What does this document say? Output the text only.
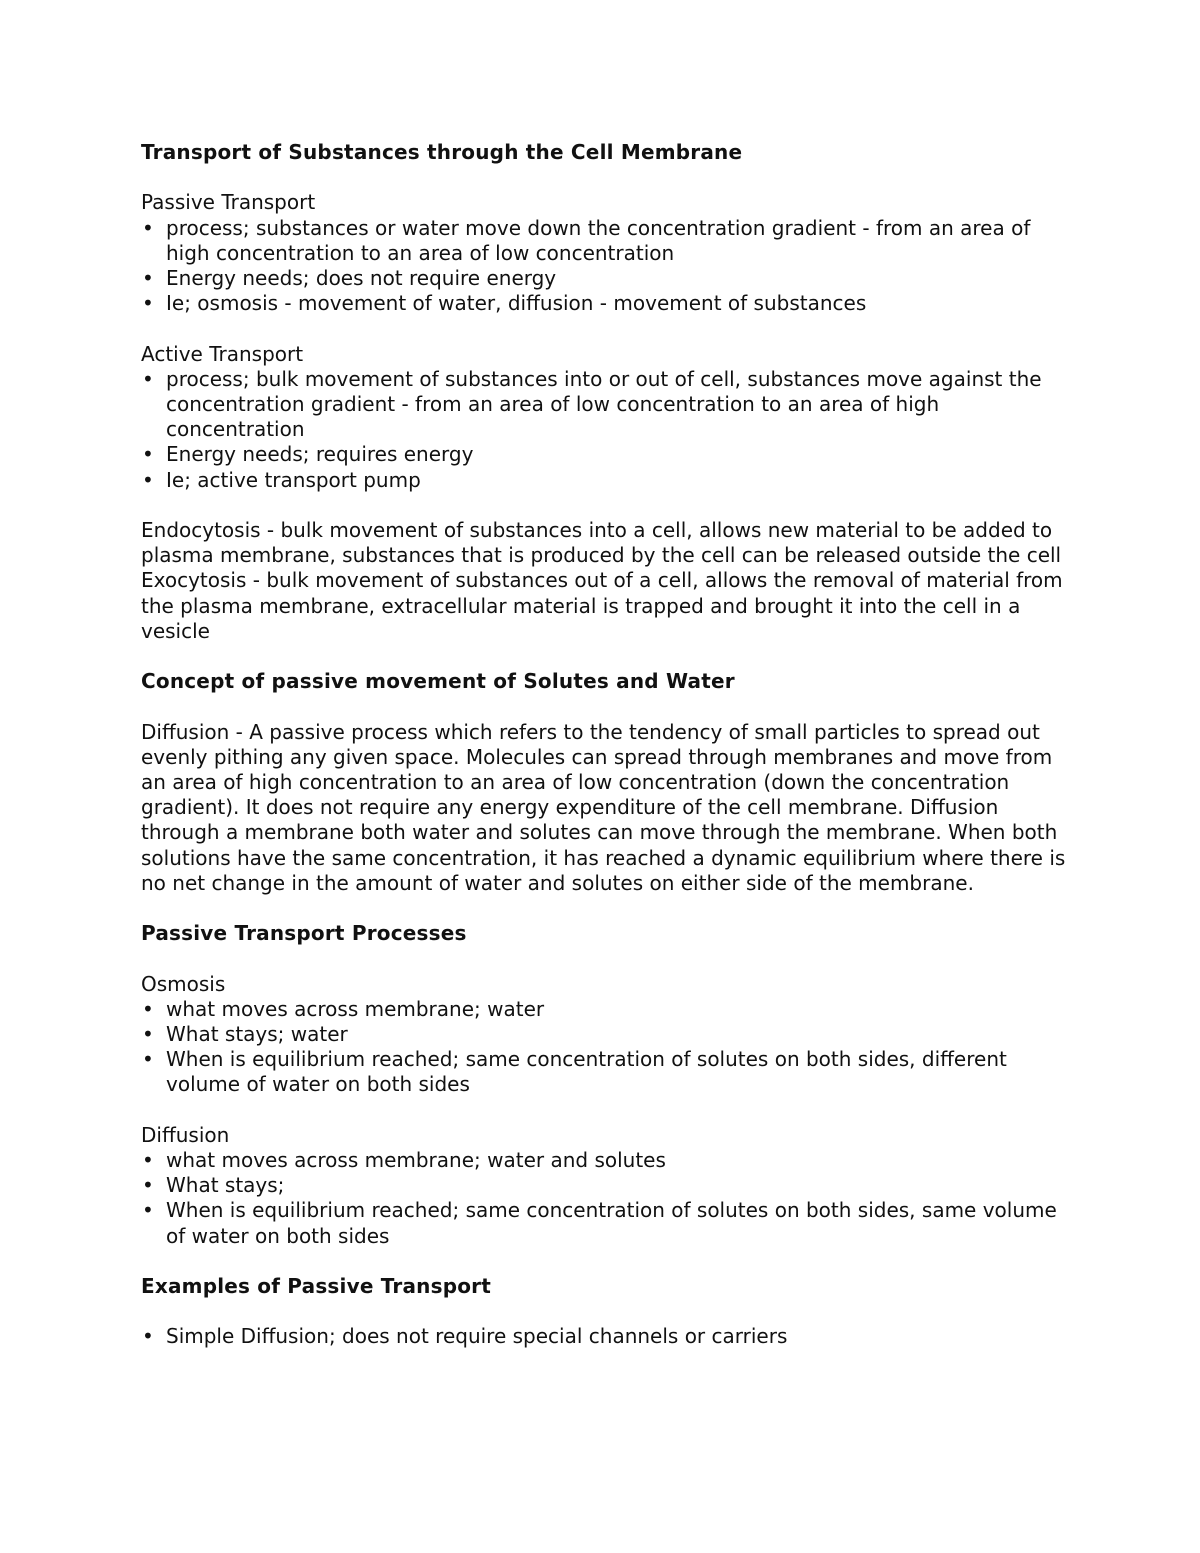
Transport of Substances through the Cell Membrane

Passive Transport

• process; substances or water move down the concentration gradient - from an area of high concentration to an area of low concentration
• Energy needs; does not require energy
• Ie; osmosis - movement of water, diffusion - movement of substances

Active Transport

• process; bulk movement of substances into or out of cell, substances move against the concentration gradient - from an area of low concentration to an area of high concentration
• Energy needs; requires energy
• Ie; active transport pump

Endocytosis - bulk movement of substances into a cell, allows new material to be added to plasma membrane, substances that is produced by the cell can be released outside the cell

Exocytosis - bulk movement of substances out of a cell, allows the removal of material from the plasma membrane, extracellular material is trapped and brought it into the cell in a vesicle

Concept of passive movement of Solutes and Water

Diffusion - A passive process which refers to the tendency of small particles to spread out evenly pithing any given space. Molecules can spread through membranes and move from an area of high concentration to an area of low concentration (down the concentration gradient). It does not require any energy expenditure of the cell membrane. Diffusion through a membrane both water and solutes can move through the membrane. When both solutions have the same concentration, it has reached a dynamic equilibrium where there is no net change in the amount of water and solutes on either side of the membrane.

Passive Transport Processes

Osmosis

• what moves across membrane; water
• What stays; water
• When is equilibrium reached; same concentration of solutes on both sides, different volume of water on both sides

Diffusion

• what moves across membrane; water and solutes
• What stays;
• When is equilibrium reached; same concentration of solutes on both sides, same volume of water on both sides
Examples of Passive Transport
• Simple Diffusion; does not require special channels or carriers
